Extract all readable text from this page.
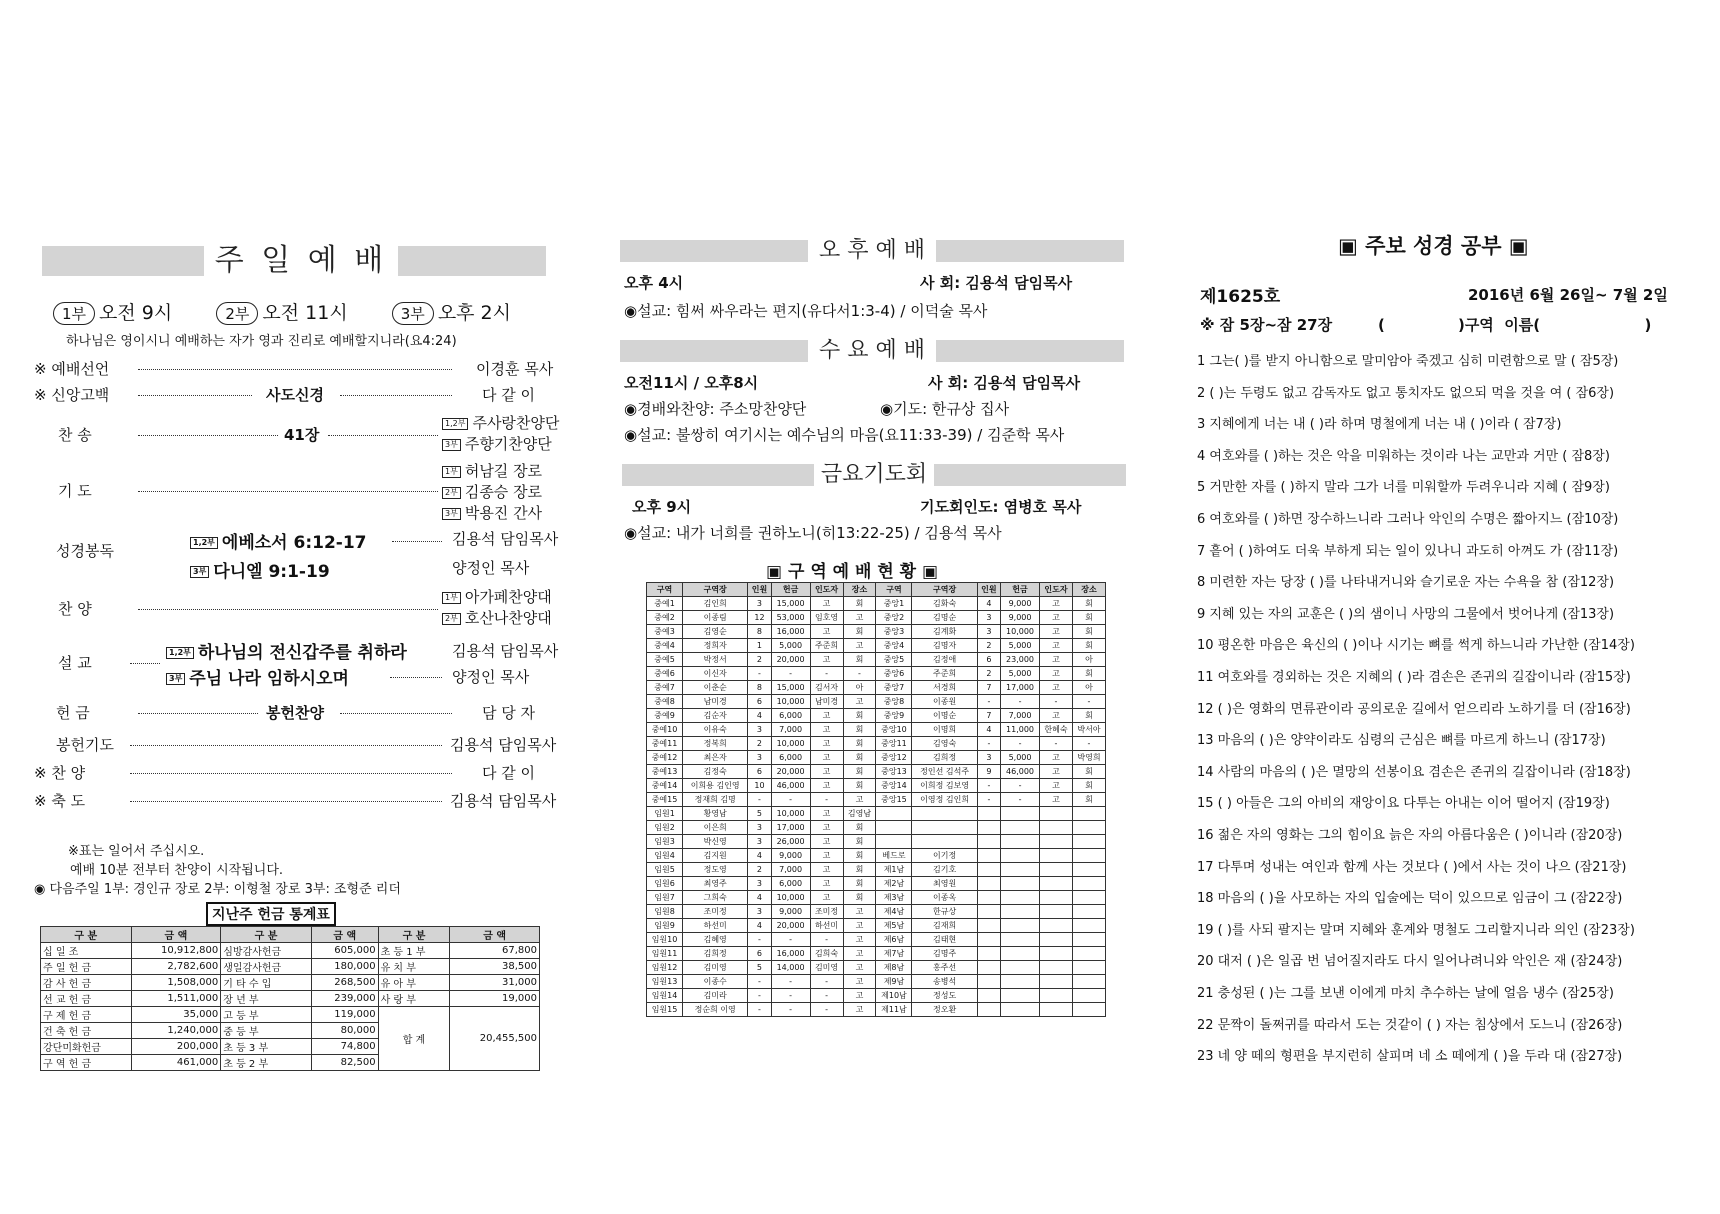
주 일 예 배
1부 오전 9시	2부 오전 11시	3부 오후 2시
하나님은 영이시니 예배하는 자가 영과 진리로 예배할지니라(요4:24)
※ 예배선언	이경훈 목사
※ 신앙고백	사도신경	다 같 이
찬 송	41장
1,2부 주사랑찬양단
3부 주향기찬양단
기 도
1부 허남길 장로
2부 김종승 장로
3부 박용진 간사
성경봉독	1,2부 에베소서 6:12-17	김용석 담임목사
3부 다니엘 9:1-19	양정인 목사
찬 양
1부 아가페찬양대
2부 호산나찬양대
설 교
1,2부 하나님의 전신갑주를 취하라	김용석 담임목사
3부 주님 나라 임하시오며	양정인 목사
헌 금	봉헌찬양	담 당 자
봉헌기도	김용석 담임목사
※ 찬 양	다 같 이
※ 축 도	김용석 담임목사
※표는 일어서 주십시오.
예배 10분 전부터 찬양이 시작됩니다.
◉ 다음주일 1부: 경인규 장로 2부: 이형철 장로 3부: 조형준 리더
지난주 헌금 통계표
구 분	금 액	구 분	금 액	구 분	금 액
십 일 조	10,912,800	심방감사헌금	605,000	초 등 1 부	67,800
주 일 헌 금	2,782,600	생일감사헌금	180,000	유 치 부	38,500
감 사 헌 금	1,508,000	기 타 수 입	268,500	유 아 부	31,000
선 교 헌 금	1,511,000	장 년 부	239,000	사 랑 부	19,000
구 제 헌 금	35,000	고 등 부	119,000	합 계	20,455,500
건 축 헌 금	1,240,000	중 등 부	80,000		
강단미화헌금	200,000	초 등 3 부	74,800		
구 역 헌 금	461,000	초 등 2 부	82,500		
오 후 예 배
오후 4시	사 회: 김용석 담임목사
◉설교: 힘써 싸우라는 편지(유다서1:3-4) / 이덕술 목사
수 요 예 배
오전11시 / 오후8시	사 회: 김용석 담임목사
◉경배와찬양: 주소망찬양단	◉기도: 한규상 집사
◉설교: 불쌍히 여기시는 예수님의 마음(요11:33-39) / 김준학 목사
금요기도회
오후 9시	기도회인도: 염병호 목사
◉설교: 내가 너희를 권하노니(히13:22-25) / 김용석 목사
▣ 구 역 예 배 현 황 ▣
구역	구역장	인원	헌금	인도자	장소	구역	구역장	인원	헌금	인도자	장소
중예1	김인희	3	15,000	고	회	중앙1	김화숙	4	9,000	고	회
중예2	이종림	12	53,000	임호영	고	중앙2	김명순	3	9,000	고	회
중예3	김영순	8	16,000	고	회	중앙3	김계화	3	10,000	고	회
중예4	정희자	1	5,000	주준희	고	중앙4	김명자	2	5,000	고	회
중예5	박정서	2	20,000	고	회	중앙5	김정애	6	23,000	고	아
중예6	이신자	-	-	-	-	중앙6	주준희	2	5,000	고	회
중예7	이춘순	8	15,000	김서자	아	중앙7	서경희	7	17,000	고	아
중예8	남미경	6	10,000	남미경	고	중앙8	이종원	-	-	-	-
중예9	김순자	4	6,000	고	회	중앙9	이명순	7	7,000	고	회
중예10	이유숙	3	7,000	고	회	중앙10	이명희	4	11,000	한혜숙	박서아
중예11	정복희	2	10,000	고	회	중앙11	김영숙	-	-	-	-
중예12	최은자	3	6,000	고	회	중앙12	김희정	3	5,000	고	박영희
중예13	김정숙	6	20,000	고	회	중앙13	정인선 김석주	9	46,000	고	회
중예14	이희용 김인영	10	46,000	고	회	중앙14	이희정 김보영	-	-	고	회
중예15	정재희 김명	-	-	-	고	중앙15	이영정 김인희	-	-	고	회
임원1	황영남	5	10,000	고	김영남						
임원2	이은희	3	17,000	고	회						
임원3	박신영	3	26,000	고	회						
임원4	김지원	4	9,000	고	회	베드로	이기정				
임원5	정도영	2	7,000	고	회	제1남	김기호				
임원6	최영주	3	6,000	고	회	제2남	최영원				
임원7	그희숙	4	10,000	고	회	제3남	이종옥				
임원8	조미정	3	9,000	조미정	고	제4남	한규상				
임원9	하선미	4	20,000	하선미	고	제5남	김재희				
임원10	김혜영	-	-	-	고	제6남	김태현				
임원11	김희정	6	16,000	김희숙	고	제7남	김명주				
임원12	김미영	5	14,000	김미영	고	제8남	홍주선				
임원13	이종수	-	-	-	고	제9남	송병석				
임원14	김미라	-	-	-	고	제10남	정성도				
임원15	정순희 이영	-	-	-	고	제11남	정오환				
▣ 주보 성경 공부 ▣
제1625호	2016년 6월 26일~ 7월 2일
※ 잠 5장~잠 27장	(              )구역  이름(                    )
1 그는( )를 받지 아니함으로 말미암아 죽겠고 심히 미련함으로 말 ( 잠5장)
2 ( )는 두령도 없고 감독자도 없고 통치자도 없으되 먹을 것을 여 ( 잠6장)
3 지혜에게 너는 내 ( )라 하며 명철에게 너는 내 ( )이라 ( 잠7장)
4 여호와를 ( )하는 것은 악을 미워하는 것이라 나는 교만과 거만 ( 잠8장)
5 거만한 자를 ( )하지 말라 그가 너를 미워할까 두려우니라 지혜 ( 잠9장)
6 여호와를 ( )하면 장수하느니라 그러나 악인의 수명은 짧아지느 (잠10장)
7 흩어 ( )하여도 더욱 부하게 되는 일이 있나니 과도히 아껴도 가 (잠11장)
8 미련한 자는 당장 ( )를 나타내거니와 슬기로운 자는 수욕을 참 (잠12장)
9 지혜 있는 자의 교훈은 ( )의 샘이니 사망의 그물에서 벗어나게 (잠13장)
10 평온한 마음은 육신의 ( )이나 시기는 뼈를 썩게 하느니라 가난한 (잠14장)
11 여호와를 경외하는 것은 지혜의 ( )라 겸손은 존귀의 길잡이니라 (잠15장)
12 ( )은 영화의 면류관이라 공의로운 길에서 얻으리라 노하기를 더 (잠16장)
13 마음의 ( )은 양약이라도 심령의 근심은 뼈를 마르게 하느니 (잠17장)
14 사람의 마음의 ( )은 멸망의 선봉이요 겸손은 존귀의 길잡이니라 (잠18장)
15 ( ) 아들은 그의 아비의 재앙이요 다투는 아내는 이어 떨어지 (잠19장)
16 젊은 자의 영화는 그의 힘이요 늙은 자의 아름다움은 ( )이니라 (잠20장)
17 다투며 성내는 여인과 함께 사는 것보다 ( )에서 사는 것이 나으 (잠21장)
18 마음의 ( )을 사모하는 자의 입술에는 덕이 있으므로 임금이 그 (잠22장)
19 ( )를 사되 팔지는 말며 지혜와 훈계와 명철도 그리할지니라 의인 (잠23장)
20 대저 ( )은 일곱 번 넘어질지라도 다시 일어나려니와 악인은 재 (잠24장)
21 충성된 ( )는 그를 보낸 이에게 마치 추수하는 날에 얼음 냉수 (잠25장)
22 문짝이 돌쩌귀를 따라서 도는 것같이 ( ) 자는 침상에서 도느니 (잠26장)
23 네 양 떼의 형편을 부지런히 살피며 네 소 떼에게 ( )을 두라 대 (잠27장)
